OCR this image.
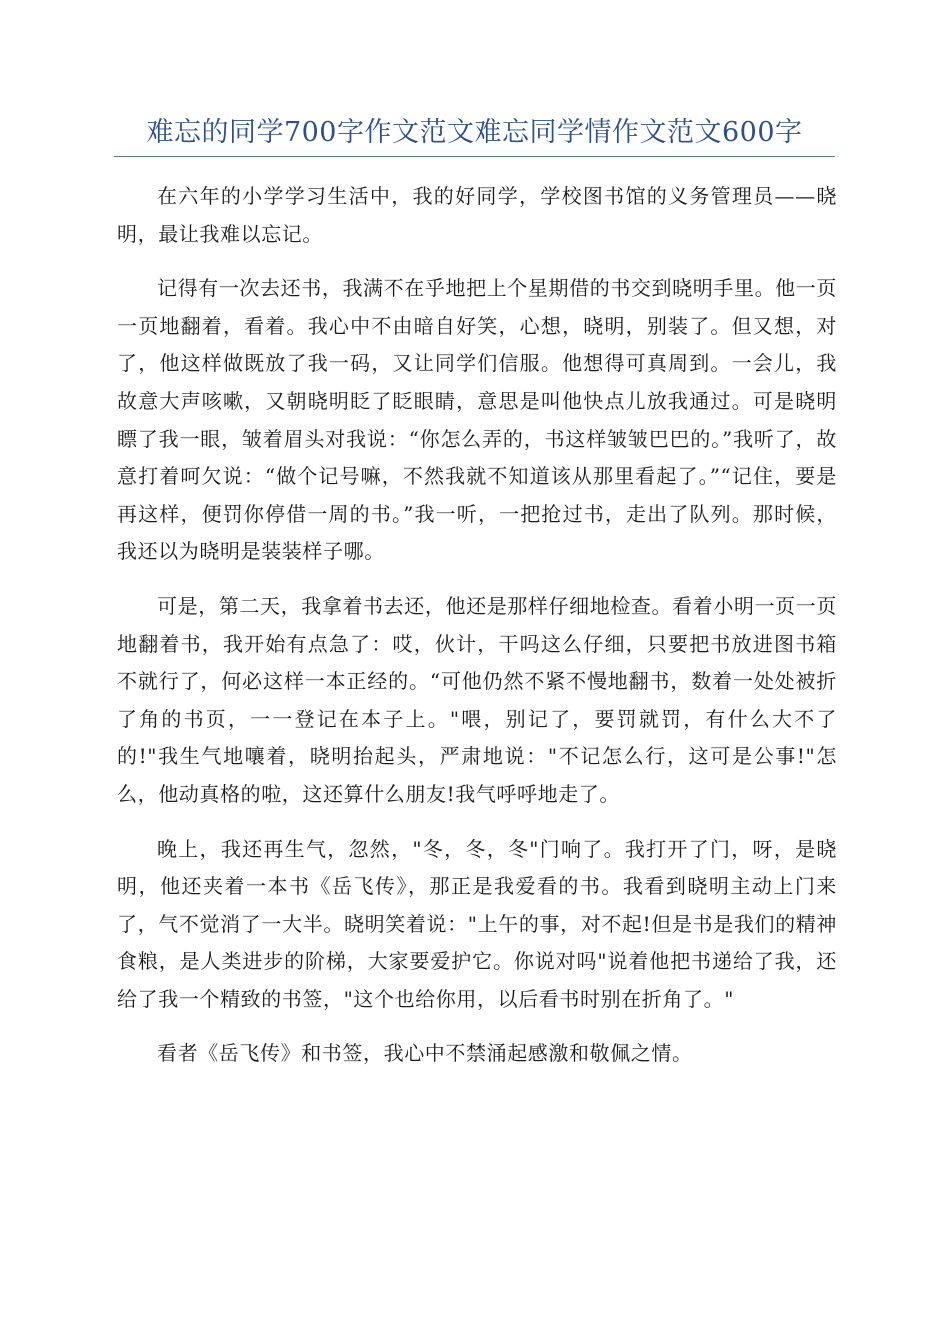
难忘的同学700字作文范文难忘同学情作文范文600字

在六年的小学学习生活中，我的好同学，学校图书馆的义务管理员——晓明，最让我难以忘记。

记得有一次去还书，我满不在乎地把上个星期借的书交到晓明手里。他一页一页地翻着，看着。我心中不由暗自好笑，心想，晓明，别装了。但又想，对了，他这样做既放了我一码，又让同学们信服。他想得可真周到。一会儿，我故意大声咳嗽，又朝晓明眨了眨眼睛，意思是叫他快点儿放我通过。可是晓明瞟了我一眼，皱着眉头对我说：“你怎么弄的，书这样皱皱巴巴的。”我听了，故意打着呵欠说：“做个记号嘛，不然我就不知道该从那里看起了。”“记住，要是再这样，便罚你停借一周的书。”我一听，一把抢过书，走出了队列。那时候，我还以为晓明是装装样子哪。

可是，第二天，我拿着书去还，他还是那样仔细地检查。看着小明一页一页地翻着书，我开始有点急了：哎，伙计，干吗这么仔细，只要把书放进图书箱不就行了，何必这样一本正经的。“可他仍然不紧不慢地翻书，数着一处处被折了角的书页，一一登记在本子上。"喂，别记了，要罚就罚，有什么大不了的!"我生气地嚷着，晓明抬起头，严肃地说："不记怎么行，这可是公事!"怎么，他动真格的啦，这还算什么朋友!我气呼呼地走了。

晚上，我还再生气，忽然，"冬，冬，冬"门响了。我打开了门，呀，是晓明，他还夹着一本书《岳飞传》，那正是我爱看的书。我看到晓明主动上门来了，气不觉消了一大半。晓明笑着说："上午的事，对不起!但是书是我们的精神食粮，是人类进步的阶梯，大家要爱护它。你说对吗"说着他把书递给了我，还给了我一个精致的书签，"这个也给你用，以后看书时别在折角了。"

看者《岳飞传》和书签，我心中不禁涌起感激和敬佩之情。
